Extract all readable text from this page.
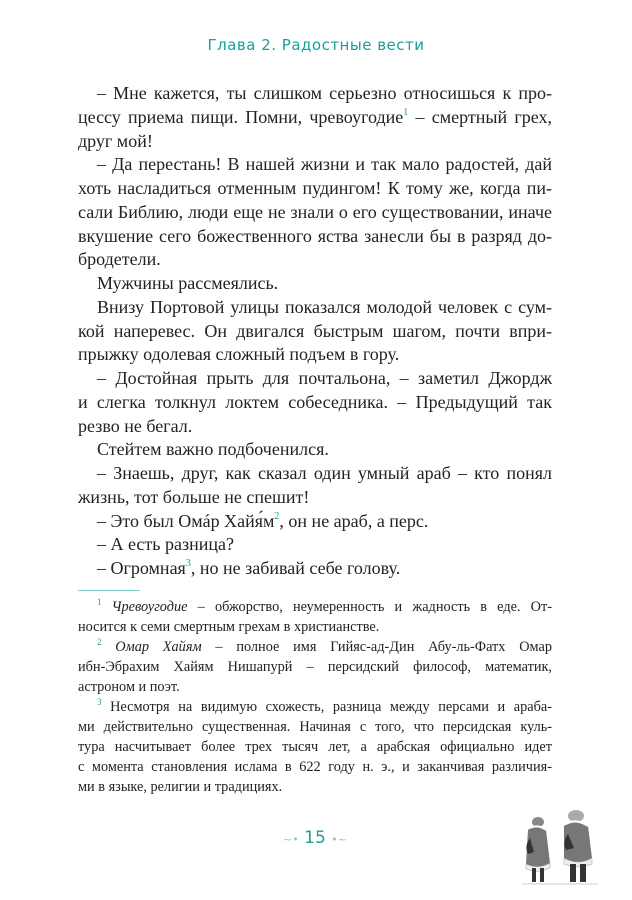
Глава 2. Радостные вести
– Мне кажется, ты слишком серьезно относишься к про-
цессу приема пищи. Помни, чревоугодие$^1$ – смертный грех,
друг мой!
– Да перестань! В нашей жизни и так мало радостей, дай
хоть насладиться отменным пудингом! К тому же, когда пи-
сали Библию, люди еще не знали о его существовании, иначе
вкушение сего божественного яства занесли бы в разряд до-
бродетели.
Мужчины рассмеялись.
Внизу Портовой улицы показался молодой человек с сум-
кой наперевес. Он двигался быстрым шагом, почти впри-
прыжку одолевая сложный подъем в гору.
– Достойная прыть для почтальона, – заметил Джордж
и слегка толкнул локтем собеседника. – Предыдущий так
резво не бегал.
Стейтем важно подбоченился.
– Знаешь, друг, как сказал один умный араб – кто понял
жизнь, тот больше не спешит!
– Это был Омáр $Хайя́м^2$, он не араб, а перс.
– А есть разница?
– Огромная$^3$, но не забивай себе голову.
$^1$ Чревоугодие – обжорство, неумеренность и жадность в еде. От-
носится к семи смертным грехам в христианстве.
$^2$ Омар Хайям – полное имя Гийяс-ад-Дин Абу-ль-Фатх Омар
ибн-Эбрахим Хайям Нишапурй – персидский философ, математик,
астроном и поэт.
$^3$ Несмотря на видимую схожесть, разница между персами и араба-
ми действительно существенная. Начиная с того, что персидская куль-
тура насчитывает более трех тысяч лет, а арабская официально идет
с момента становления ислама в 622 году н. э., и заканчивая различия-
ми в языке, религии и традициях.
~• 15 •~
